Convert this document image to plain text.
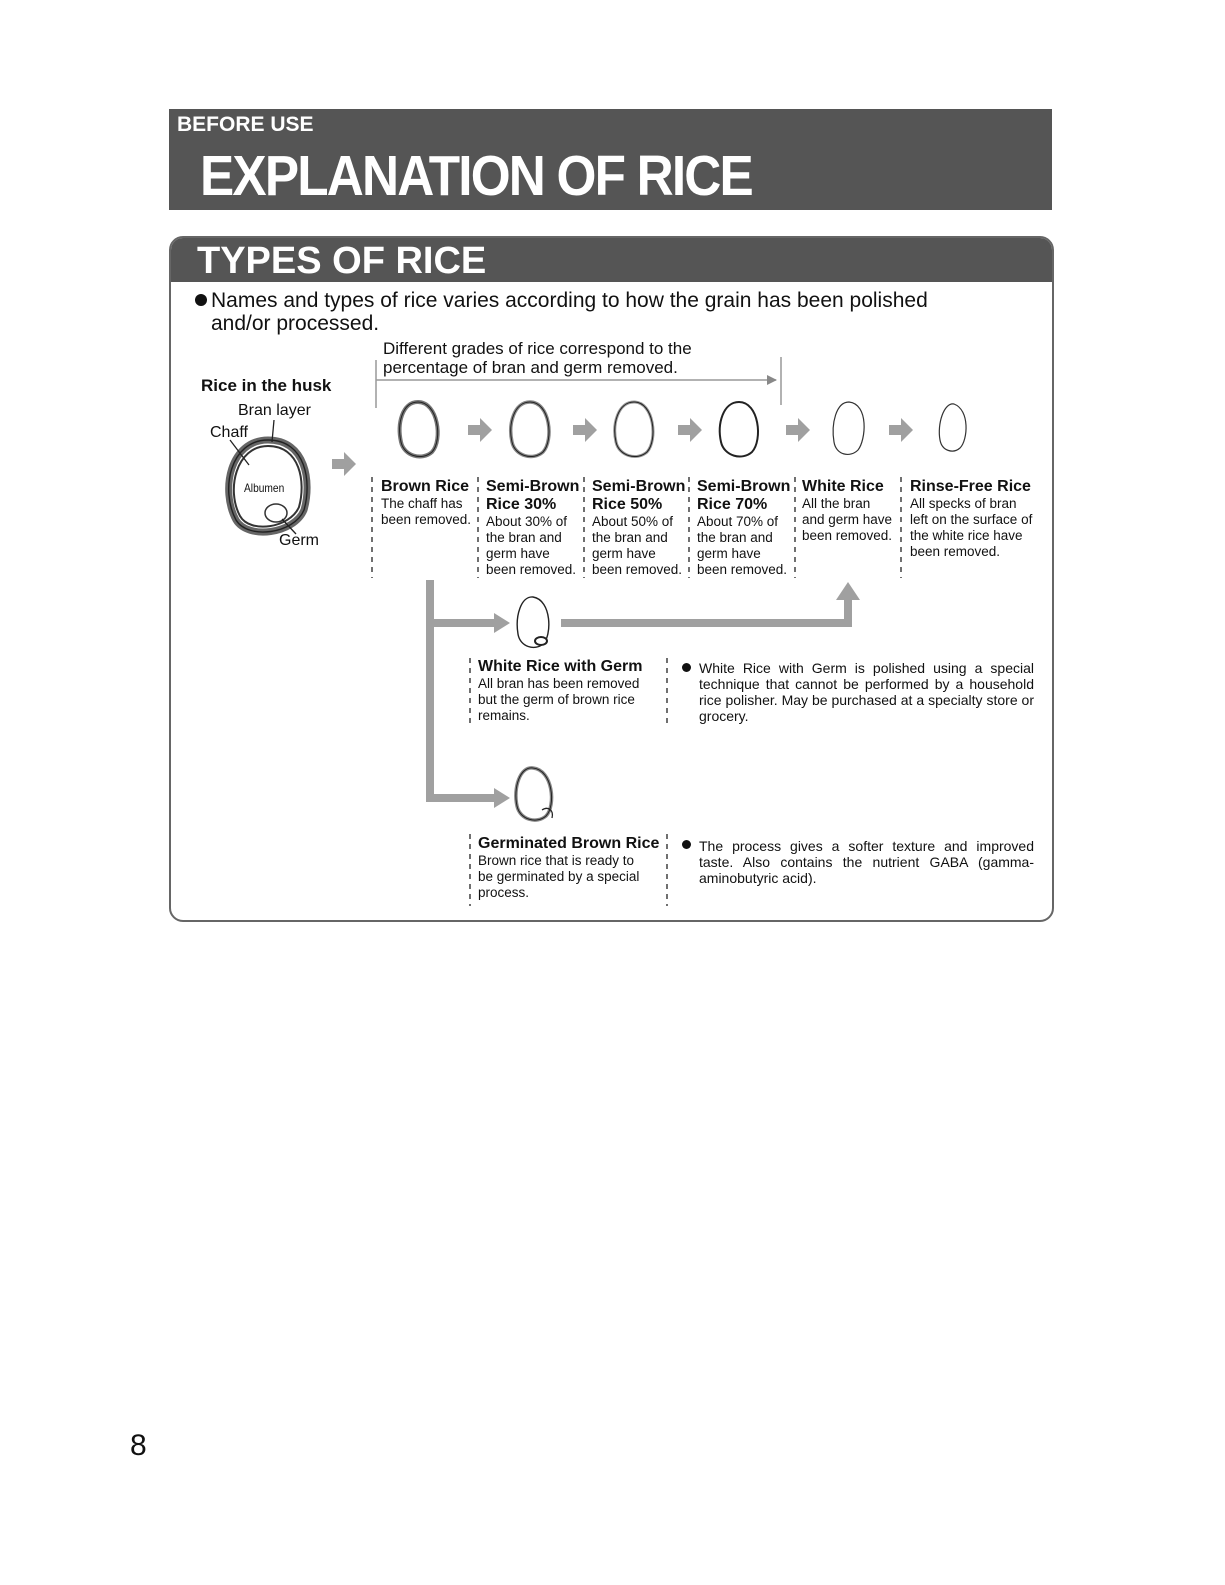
BEFORE USE
EXPLANATION OF RICE
TYPES OF RICE
Names and types of rice varies according to how the grain has been polished
and/or processed.
Different grades of rice correspond to the
percentage of bran and germ removed.
Rice in the husk
Bran layer
Chaff
Albumen
Germ
Brown Rice
The chaff has
been removed.
Semi-Brown
Rice 30%
About 30% of
the bran and
germ have
been removed.
Semi-Brown
Rice 50%
About 50% of
the bran and
germ have
been removed.
Semi-Brown
Rice 70%
About 70% of
the bran and
germ have
been removed.
White Rice
All the bran
and germ have
been removed.
Rinse-Free Rice
All specks of bran
left on the surface of
the white rice have
been removed.
White Rice with Germ
All bran has been removed
but the germ of brown rice
remains.
White Rice with Germ is polished using a special technique that cannot be performed by a household rice polisher. May be purchased at a specialty store or grocery.
Germinated Brown Rice
Brown rice that is ready to
be germinated by a special
process.
The process gives a softer texture and improved taste. Also contains the nutrient GABA (gamma-aminobutyric acid).
8
